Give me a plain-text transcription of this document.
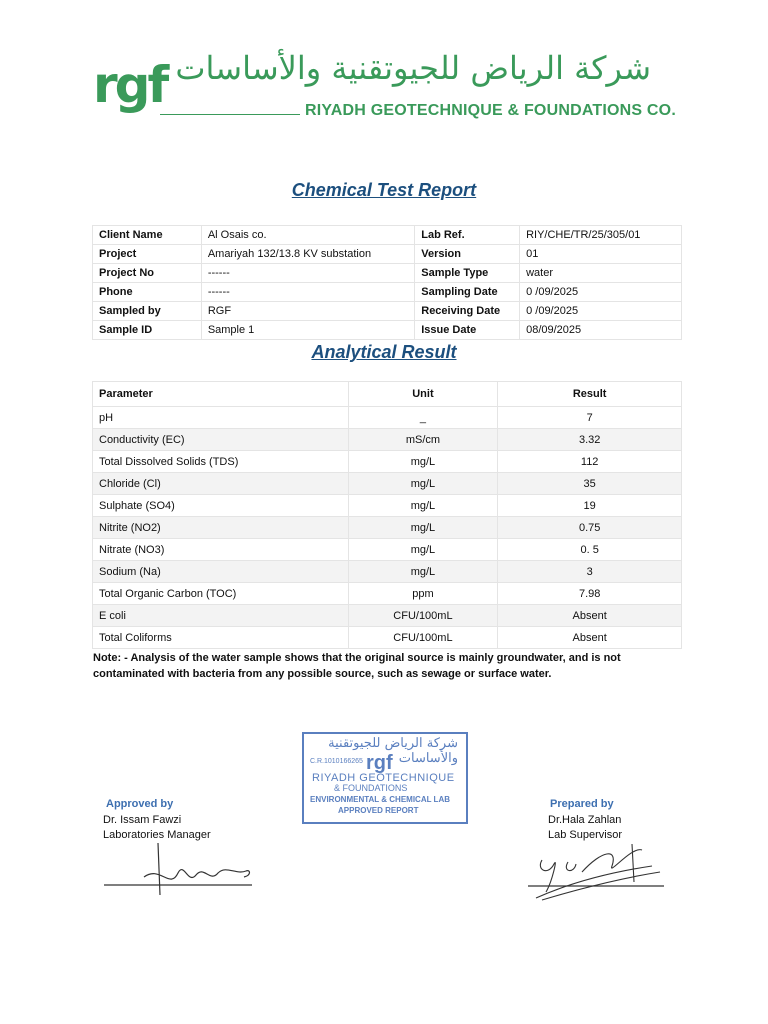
rgf شركة الرياض للجيوتقنية والأساسات
RIYADH GEOTECHNIQUE & FOUNDATIONS CO.
Chemical Test Report
Client Name	Al Osais co.	Lab Ref.	RIY/CHE/TR/25/305/01
Project	Amariyah 132/13.8 KV substation	Version	01
Project No	------	Sample Type	water
Phone	------	Sampling Date	0 /09/2025
Sampled by	RGF	Receiving Date	0 /09/2025
Sample ID	Sample 1	Issue Date	08/09/2025
Analytical Result
Parameter	Unit	Result
pH	_	7
Conductivity (EC)	mS/cm	3.32
Total Dissolved Solids (TDS)	mg/L	112
Chloride (Cl)	mg/L	35
Sulphate (SO4)	mg/L	19
Nitrite (NO2)	mg/L	0.75
Nitrate (NO3)	mg/L	0. 5
Sodium (Na)	mg/L	3
Total Organic Carbon (TOC)	ppm	7.98
E coli	CFU/100mL	Absent
Total Coliforms	CFU/100mL	Absent
Note: - Analysis of the water sample shows that the original source is mainly groundwater, and is not contaminated with bacteria from any possible source, such as sewage or surface water.
شركة الرياض للجيوتقنية والأساسات
C.R.1010166265 rgf
RIYADH GEOTECHNIQUE
& FOUNDATIONS
ENVIRONMENTAL & CHEMICAL LAB
APPROVED REPORT
Approved by
Dr. Issam Fawzi
Laboratories Manager
Prepared by
Dr.Hala Zahlan
Lab Supervisor
